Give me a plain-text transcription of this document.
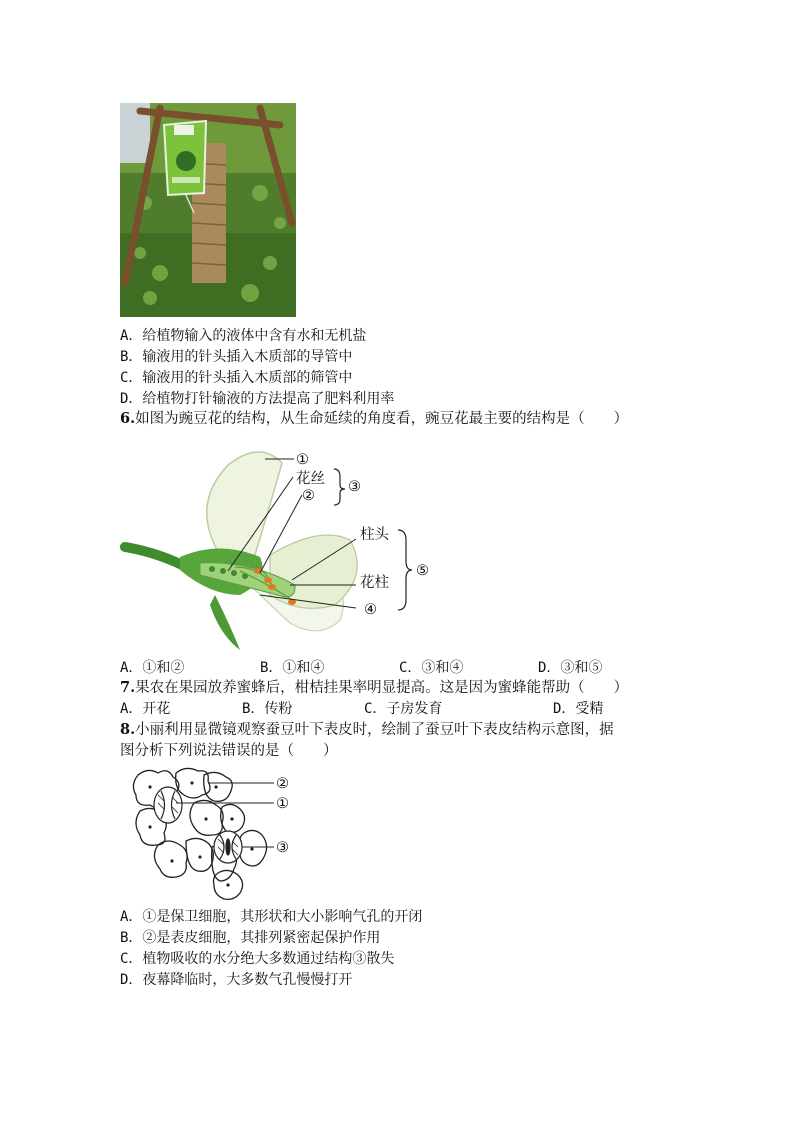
A．给植物输入的液体中含有水和无机盐
B．输液用的针头插入木质部的导管中
C．输液用的针头插入木质部的筛管中
D．给植物打针输液的方法提高了肥料利用率
6.如图为豌豆花的结构，从生命延续的角度看，豌豆花最主要的结构是（　　）
①
花丝
②
③
柱头
花柱
④
⑤
A．①和②	B．①和④	C．③和④	D．③和⑤
7.果农在果园放养蜜蜂后，柑桔挂果率明显提高。这是因为蜜蜂能帮助（　　）
A．开花	B．传粉	C．子房发育	D．受精
8.小丽利用显微镜观察蚕豆叶下表皮时，绘制了蚕豆叶下表皮结构示意图，据
图分析下列说法错误的是（　　）
②
①
③
A．①是保卫细胞，其形状和大小影响气孔的开闭
B．②是表皮细胞，其排列紧密起保护作用
C．植物吸收的水分绝大多数通过结构③散失
D．夜幕降临时，大多数气孔慢慢打开
